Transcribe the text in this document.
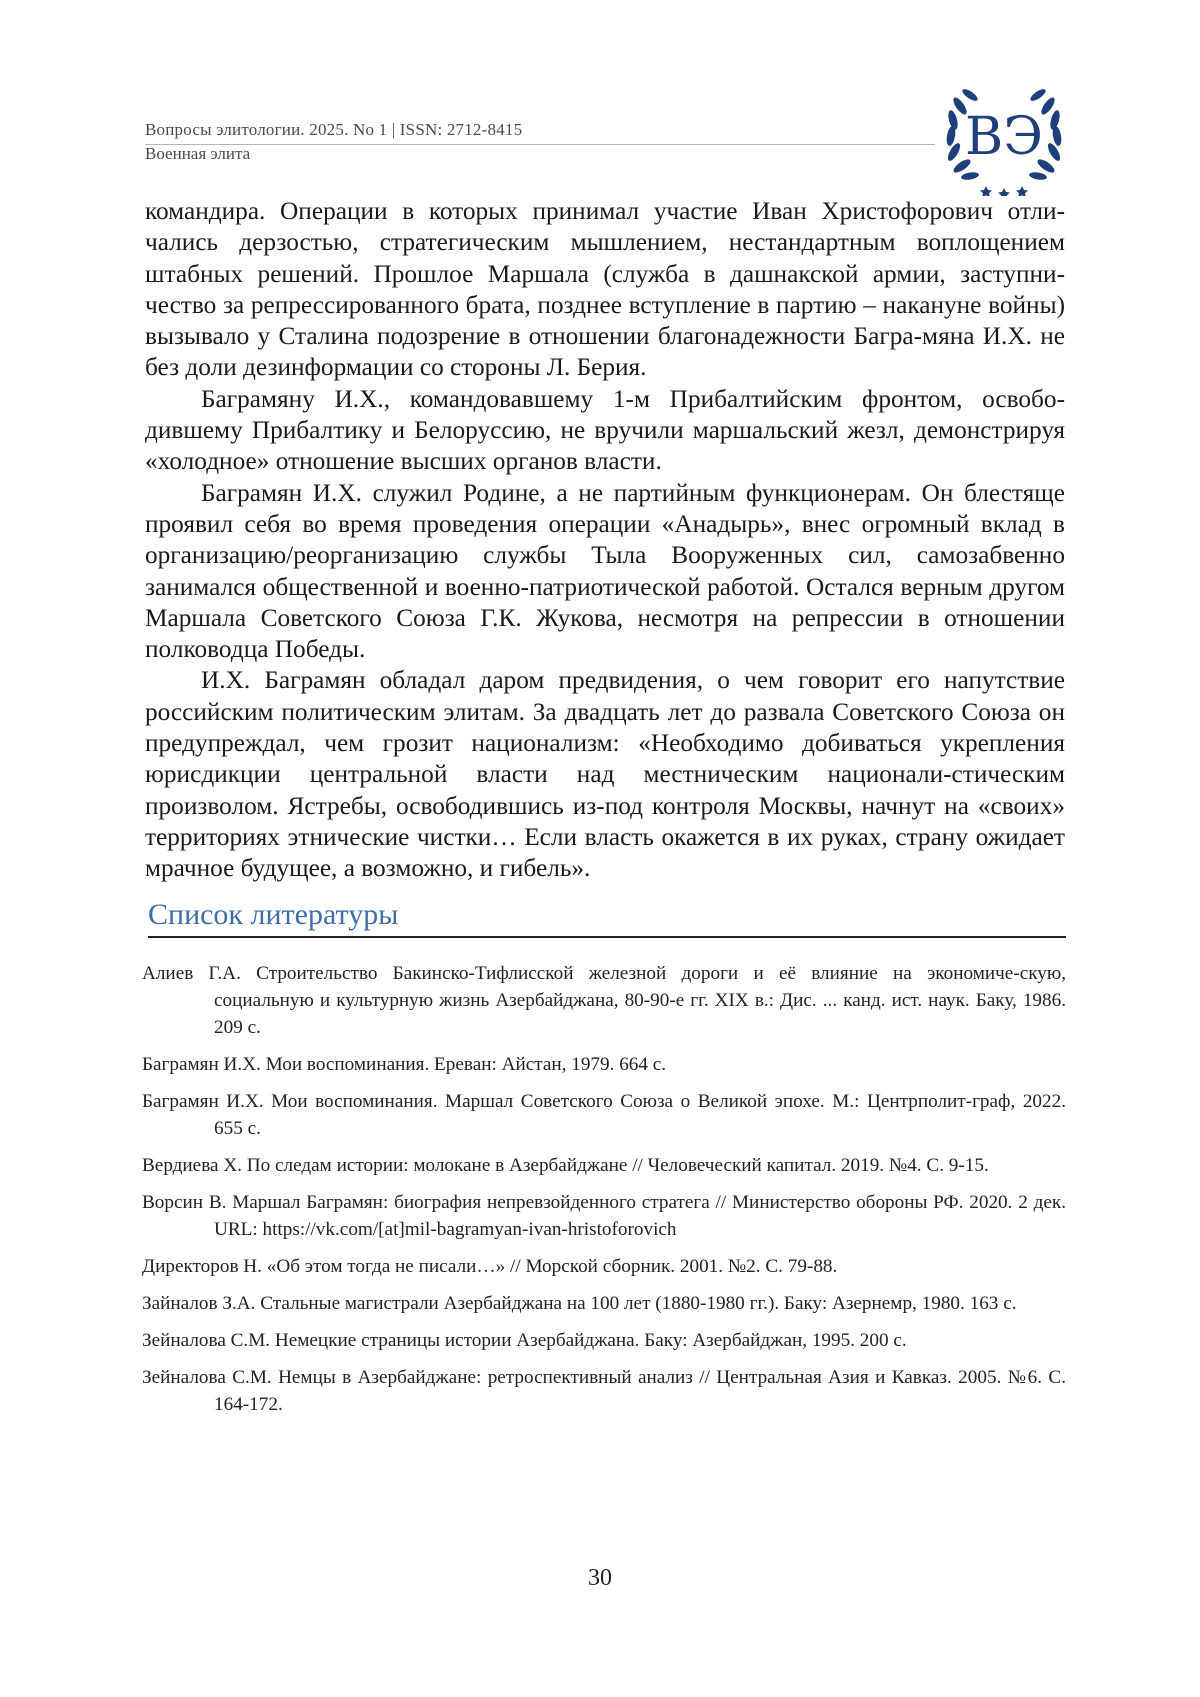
Вопросы элитологии. 2025. No 1 | ISSN: 2712-8415
Военная элита	ВЭ

командира. Операции в которых принимал участие Иван Христофорович отли-чались дерзостью, стратегическим мышлением, нестандартным воплощением штабных решений. Прошлое Маршала (служба в дашнакской армии, заступни-чество за репрессированного брата, позднее вступление в партию – накануне войны) вызывало у Сталина подозрение в отношении благонадежности Багра-мяна И.Х. не без доли дезинформации со стороны Л. Берия.

Баграмяну И.Х., командовавшему 1-м Прибалтийским фронтом, освобо-дившему Прибалтику и Белоруссию, не вручили маршальский жезл, демонстрируя «холодное» отношение высших органов власти.

Баграмян И.Х. служил Родине, а не партийным функционерам. Он блестяще проявил себя во время проведения операции «Анадырь», внес огромный вклад в организацию/реорганизацию службы Тыла Вооруженных сил, самозабвенно занимался общественной и военно-патриотической работой. Остался верным другом Маршала Советского Союза Г.К. Жукова, несмотря на репрессии в отношении полководца Победы.

И.Х. Баграмян обладал даром предвидения, о чем говорит его напутствие российским политическим элитам. За двадцать лет до развала Советского Союза он предупреждал, чем грозит национализм: «Необходимо добиваться укрепления юрисдикции центральной власти над местническим национали-стическим произволом. Ястребы, освободившись из-под контроля Москвы, начнут на «своих» территориях этнические чистки… Если власть окажется в их руках, страну ожидает мрачное будущее, а возможно, и гибель».

Список литературы
Алиев Г.А. Строительство Бакинско-Тифлисской железной дороги и её влияние на экономиче-скую, социальную и культурную жизнь Азербайджана, 80-90-е гг. XIX в.: Дис. ... канд. ист. наук. Баку, 1986. 209 с.
Баграмян И.Х. Мои воспоминания. Ереван: Айстан, 1979. 664 с.
Баграмян И.Х. Мои воспоминания. Маршал Советского Союза о Великой эпохе. М.: Центрполит-граф, 2022. 655 с.
Вердиева Х. По следам истории: молокане в Азербайджане // Человеческий капитал. 2019. №4. С. 9-15.
Ворсин В. Маршал Баграмян: биография непревзойденного стратега // Министерство обороны РФ. 2020. 2 дек. URL: https://vk.com/[at]mil-bagramyan-ivan-hristoforovich
Директоров Н. «Об этом тогда не писали…» // Морской сборник. 2001. №2. С. 79-88.
Зайналов З.А. Стальные магистрали Азербайджана на 100 лет (1880-1980 гг.). Баку: Азернемр, 1980. 163 с.
Зейналова С.М. Немецкие страницы истории Азербайджана. Баку: Азербайджан, 1995. 200 с.
Зейналова С.М. Немцы в Азербайджане: ретроспективный анализ // Центральная Азия и Кавказ. 2005. №6. С. 164-172.
30
